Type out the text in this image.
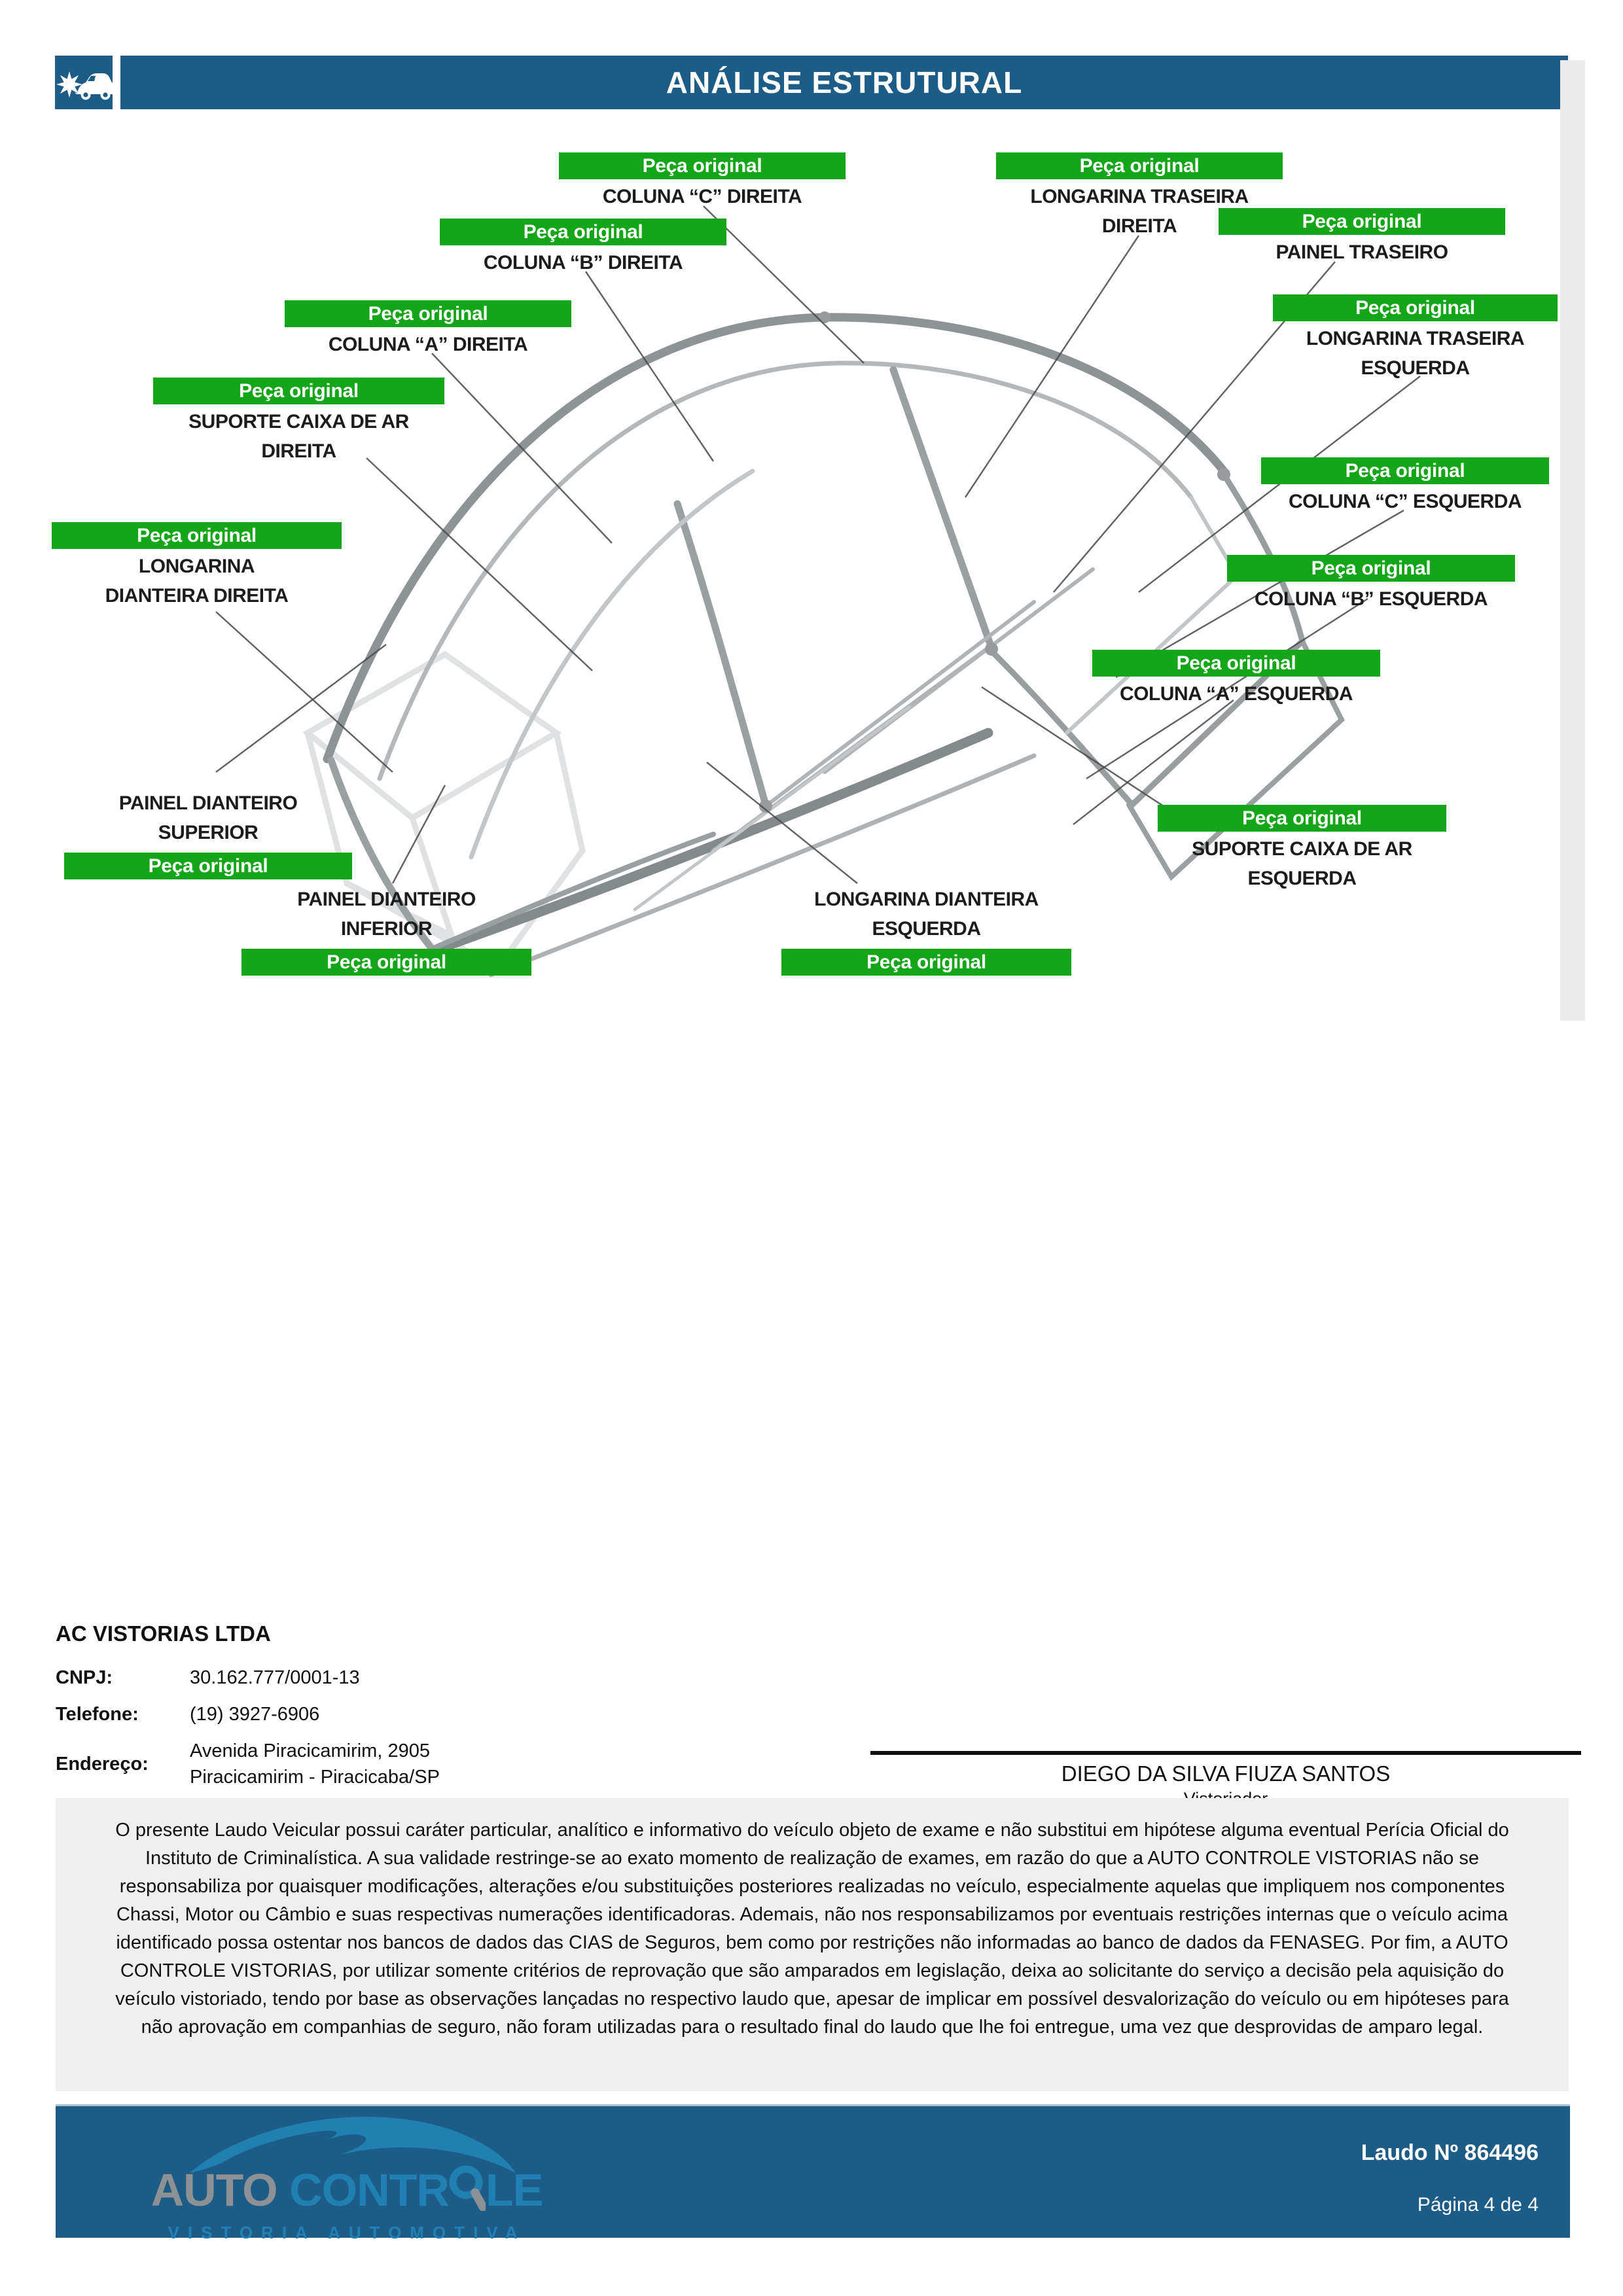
ANÁLISE ESTRUTURAL
Peça original
COLUNA “C” DIREITA
Peça original
LONGARINA TRASEIRA
DIREITA
Peça original
COLUNA “B” DIREITA
Peça original
PAINEL TRASEIRO
Peça original
COLUNA “A” DIREITA
Peça original
LONGARINA TRASEIRA
ESQUERDA
Peça original
SUPORTE CAIXA DE AR
DIREITA
Peça original
COLUNA “C” ESQUERDA
Peça original
LONGARINA
DIANTEIRA DIREITA
Peça original
COLUNA “B” ESQUERDA
Peça original
COLUNA “A” ESQUERDA
Peça original
SUPORTE CAIXA DE AR
ESQUERDA
PAINEL DIANTEIRO
SUPERIOR
Peça original
PAINEL DIANTEIRO
INFERIOR
Peça original
LONGARINA DIANTEIRA
ESQUERDA
Peça original
AC VISTORIAS LTDA
CNPJ:	30.162.777/0001-13
Telefone:	(19) 3927-6906
Endereço:
Avenida Piracicamirim, 2905
Piracicamirim - Piracicaba/SP	DIEGO DA SILVA FIUZA SANTOS

O presente Laudo Veicular possui caráter particular, analítico e informativo do veículo objeto de exame e não substitui em hipótese alguma eventual Perícia Oficial do Instituto de Criminalística. A sua validade restringe-se ao exato momento de realização de exames, em razão do que a AUTO CONTROLE VISTORIAS não se responsabiliza por quaisquer modificações, alterações e/ou substituições posteriores realizadas no veículo, especialmente aquelas que impliquem nos componentes Chassi, Motor ou Câmbio e suas respectivas numerações identificadoras. Ademais, não nos responsabilizamos por eventuais restrições internas que o veículo acima identificado possa ostentar nos bancos de dados das CIAS de Seguros, bem como por restrições não informadas ao banco de dados da FENASEG. Por fim, a AUTO CONTROLE VISTORIAS, por utilizar somente critérios de reprovação que são amparados em legislação, deixa ao solicitante do serviço a decisão pela aquisição do veículo vistoriado, tendo por base as observações lançadas no respectivo laudo que, apesar de implicar em possível desvalorização do veículo ou em hipóteses para não aprovação em companhias de seguro, não foram utilizadas para o resultado final do laudo que lhe foi entregue, uma vez que desprovidas de amparo legal.

AUTO CONTR LE
VISTORIA AUTOMOTIVA
Laudo Nº 864496
Página 4 de 4
